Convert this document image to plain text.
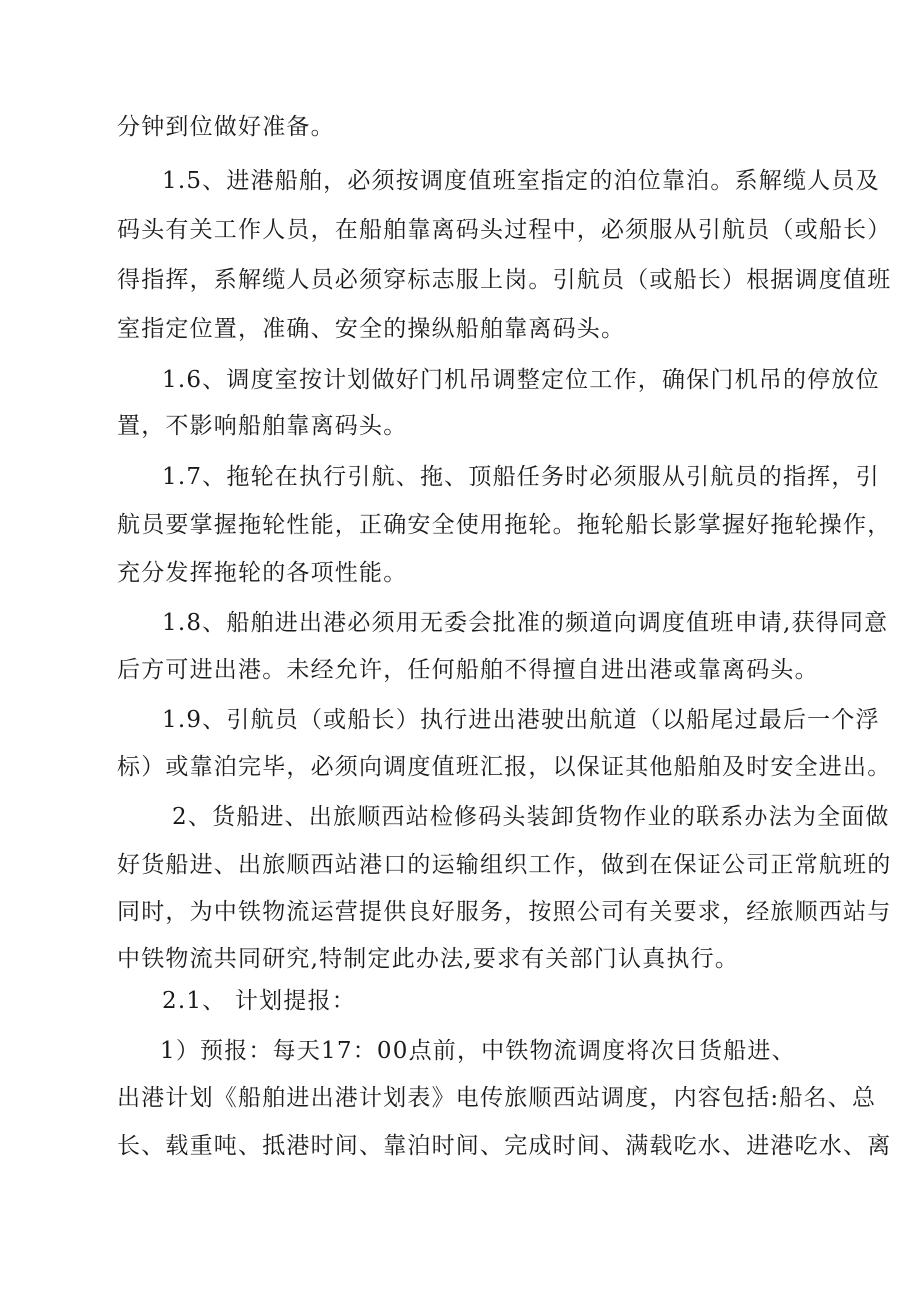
分钟到位做好准备。
1.5、进港船舶，必须按调度值班室指定的泊位靠泊。系解缆人员及
码头有关工作人员，在船舶靠离码头过程中，必须服从引航员（或船长）
得指挥，系解缆人员必须穿标志服上岗。引航员（或船长）根据调度值班
室指定位置，准确、安全的操纵船舶靠离码头。
1.6、调度室按计划做好门机吊调整定位工作，确保门机吊的停放位
置，不影响船舶靠离码头。
1.7、拖轮在执行引航、拖、顶船任务时必须服从引航员的指挥，引
航员要掌握拖轮性能，正确安全使用拖轮。拖轮船长影掌握好拖轮操作，
充分发挥拖轮的各项性能。
1.8、船舶进出港必须用无委会批准的频道向调度值班申请,获得同意
后方可进出港。未经允许，任何船舶不得擅自进出港或靠离码头。
1.9、引航员（或船长）执行进出港驶出航道（以船尾过最后一个浮
标）或靠泊完毕，必须向调度值班汇报，以保证其他船舶及时安全进出。
2、货船进、出旅顺西站检修码头装卸货物作业的联系办法为全面做
好货船进、出旅顺西站港口的运输组织工作，做到在保证公司正常航班的
同时，为中铁物流运营提供良好服务，按照公司有关要求，经旅顺西站与
中铁物流共同研究,特制定此办法,要求有关部门认真执行。
2.1、 计划提报：
1）预报：每天17：00点前，中铁物流调度将次日货船进、
出港计划《船舶进出港计划表》电传旅顺西站调度，内容包括:船名、总
长、载重吨、抵港时间、靠泊时间、完成时间、满载吃水、进港吃水、离
